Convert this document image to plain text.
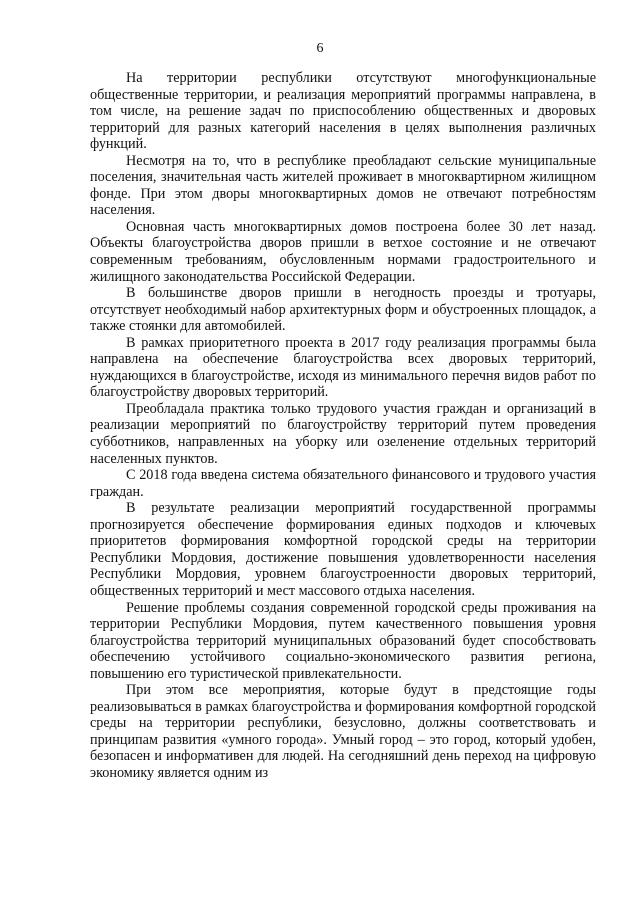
6

На территории республики отсутствуют многофункциональные общественные территории, и реализация мероприятий программы направлена, в том числе, на решение задач по приспособлению общественных и дворовых территорий для разных категорий населения в целях выполнения различных функций.

Несмотря на то, что в республике преобладают сельские муниципальные поселения, значительная часть жителей проживает в многоквартирном жилищном фонде. При этом дворы многоквартирных домов не отвечают потребностям населения.

Основная часть многоквартирных домов построена более 30 лет назад. Объекты благоустройства дворов пришли в ветхое состояние и не отвечают современным требованиям, обусловленным нормами градостроительного и жилищного законодательства Российской Федерации.

В большинстве дворов пришли в негодность проезды и тротуары, отсутствует необходимый набор архитектурных форм и обустроенных площадок, а также стоянки для автомобилей.

В рамках приоритетного проекта в 2017 году реализация программы была направлена на обеспечение благоустройства всех дворовых территорий, нуждающихся в благоустройстве, исходя из минимального перечня видов работ по благоустройству дворовых территорий.

Преобладала практика только трудового участия граждан и организаций в реализации мероприятий по благоустройству территорий путем проведения субботников, направленных на уборку или озеленение отдельных территорий населенных пунктов.

С 2018 года введена система обязательного финансового и трудового участия граждан.

В результате реализации мероприятий государственной программы прогнозируется обеспечение формирования единых подходов и ключевых приоритетов формирования комфортной городской среды на территории Республики Мордовия, достижение повышения удовлетворенности населения Республики Мордовия, уровнем благоустроенности дворовых территорий, общественных территорий и мест массового отдыха населения.

Решение проблемы создания современной городской среды проживания на территории Республики Мордовия, путем качественного повышения уровня благоустройства территорий муниципальных образований будет способствовать обеспечению устойчивого социально-экономического развития региона, повышению его туристической привлекательности.

При этом все мероприятия, которые будут в предстоящие годы реализовываться в рамках благоустройства и формирования комфортной городской среды на территории республики, безусловно, должны соответствовать и принципам развития «умного города». Умный город – это город, который удобен, безопасен и информативен для людей. На сегодняшний день переход на цифровую экономику является одним из
